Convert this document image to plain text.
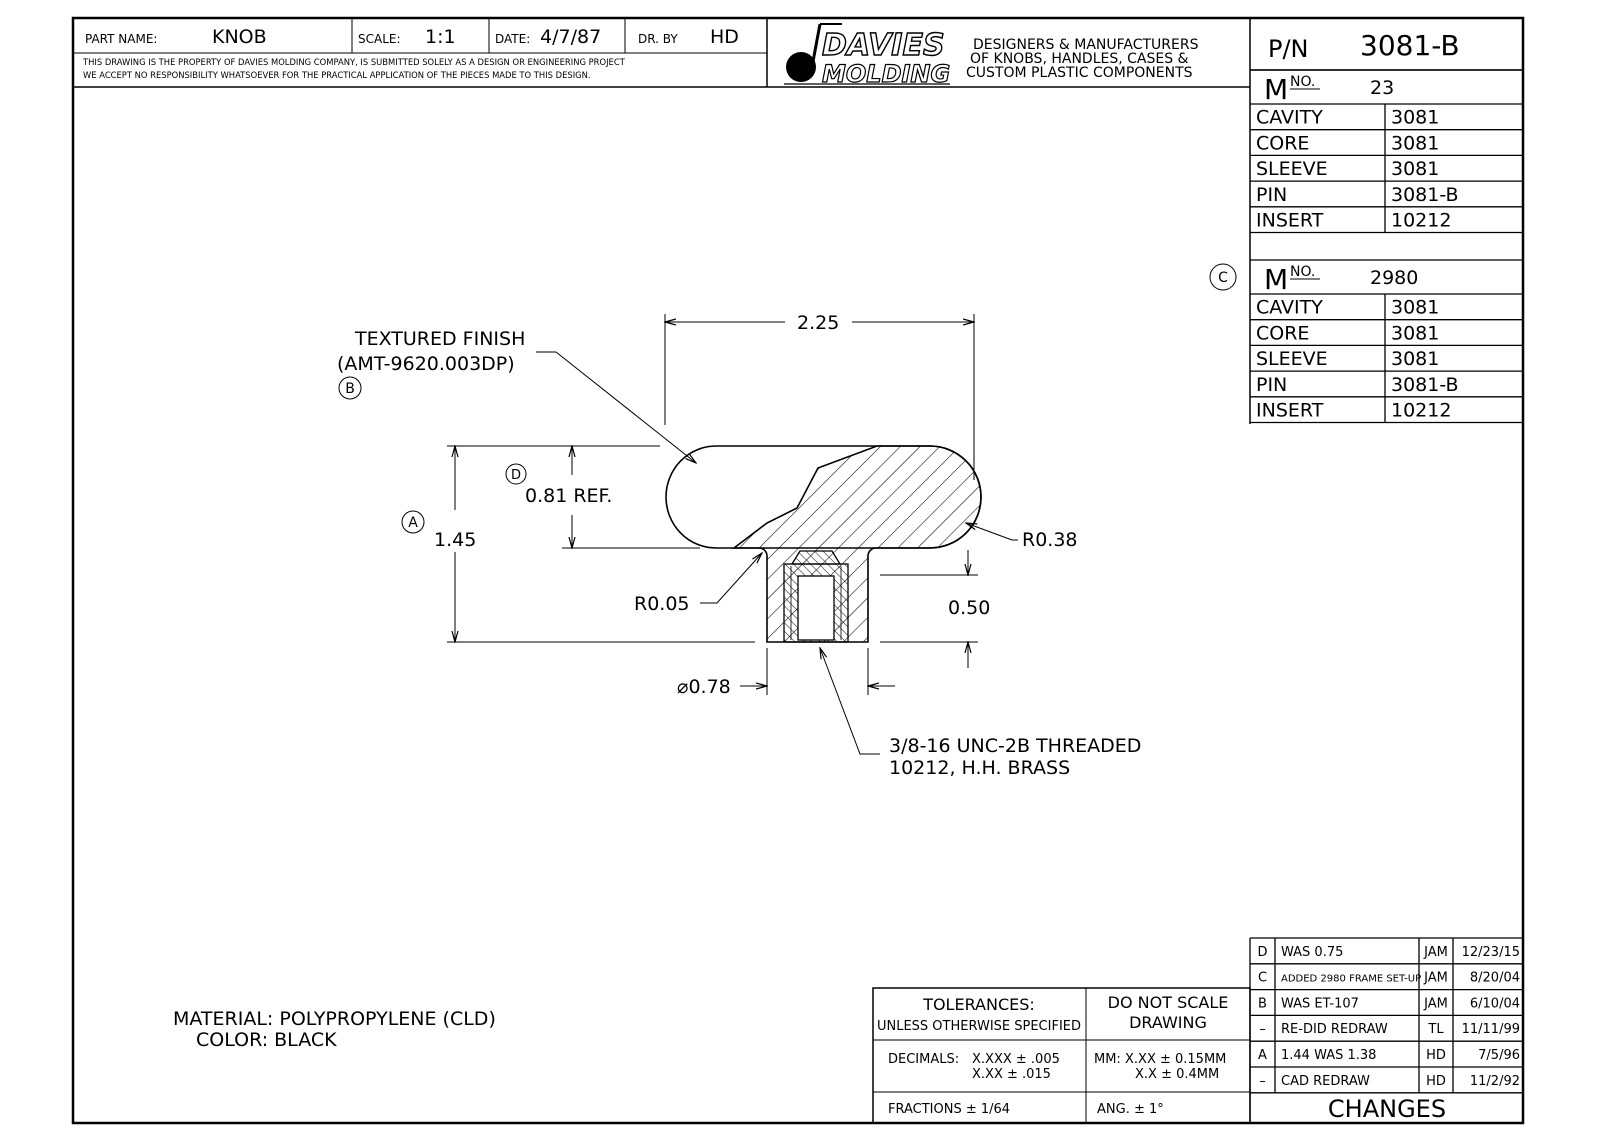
PART NAME:	KNOB	SCALE: 1:1	DATE: 4/7/87	DR. BY HD
THIS DRAWING IS THE PROPERTY OF DAVIES MOLDING COMPANY, IS SUBMITTED SOLELY AS A DESIGN OR ENGINEERING PROJECT
WE ACCEPT NO RESPONSIBILITY WHATSOEVER FOR THE PRACTICAL APPLICATION OF THE PIECES MADE TO THIS DESIGN.
DAVIES
MOLDING
DESIGNERS & MANUFACTURERS
OF KNOBS, HANDLES, CASES &
CUSTOM PLASTIC COMPONENTS
P/N 3081-B
M NO.	23
CAVITY	3081
CORE	3081
SLEEVE	3081
PIN	3081-B
INSERT	10212
M NO.	2980
C
CAVITY	3081
CORE	3081
SLEEVE	3081
PIN	3081-B
INSERT	10212
2.25
A
1.45
D
0.81 REF.
TEXTURED FINISH
(AMT-9620.003DP)
B
R0.38
R0.05	0.50
⌀0.78
3/8-16 UNC-2B THREADED
10212, H.H. BRASS
MATERIAL: POLYPROPYLENE (CLD)
COLOR: BLACK
TOLERANCES:
UNLESS OTHERWISE SPECIFIED
DO NOT SCALE
DRAWING
DECIMALS: X.XXX ± .005
X.XX ± .015
MM: X.XX ± 0.15MM
X.X ± 0.4MM
FRACTIONS ± 1/64	ANG. ± 1°	CHANGES
D WAS 0.75	JAM 12/23/15
C ADDED 2980 FRAME SET-UP JAM 8/20/04
B WAS ET-107	JAM 6/10/04
– RE-DID REDRAW	TL 11/11/99
A 1.44 WAS 1.38	HD 7/5/96
– CAD REDRAW	HD 11/2/92
